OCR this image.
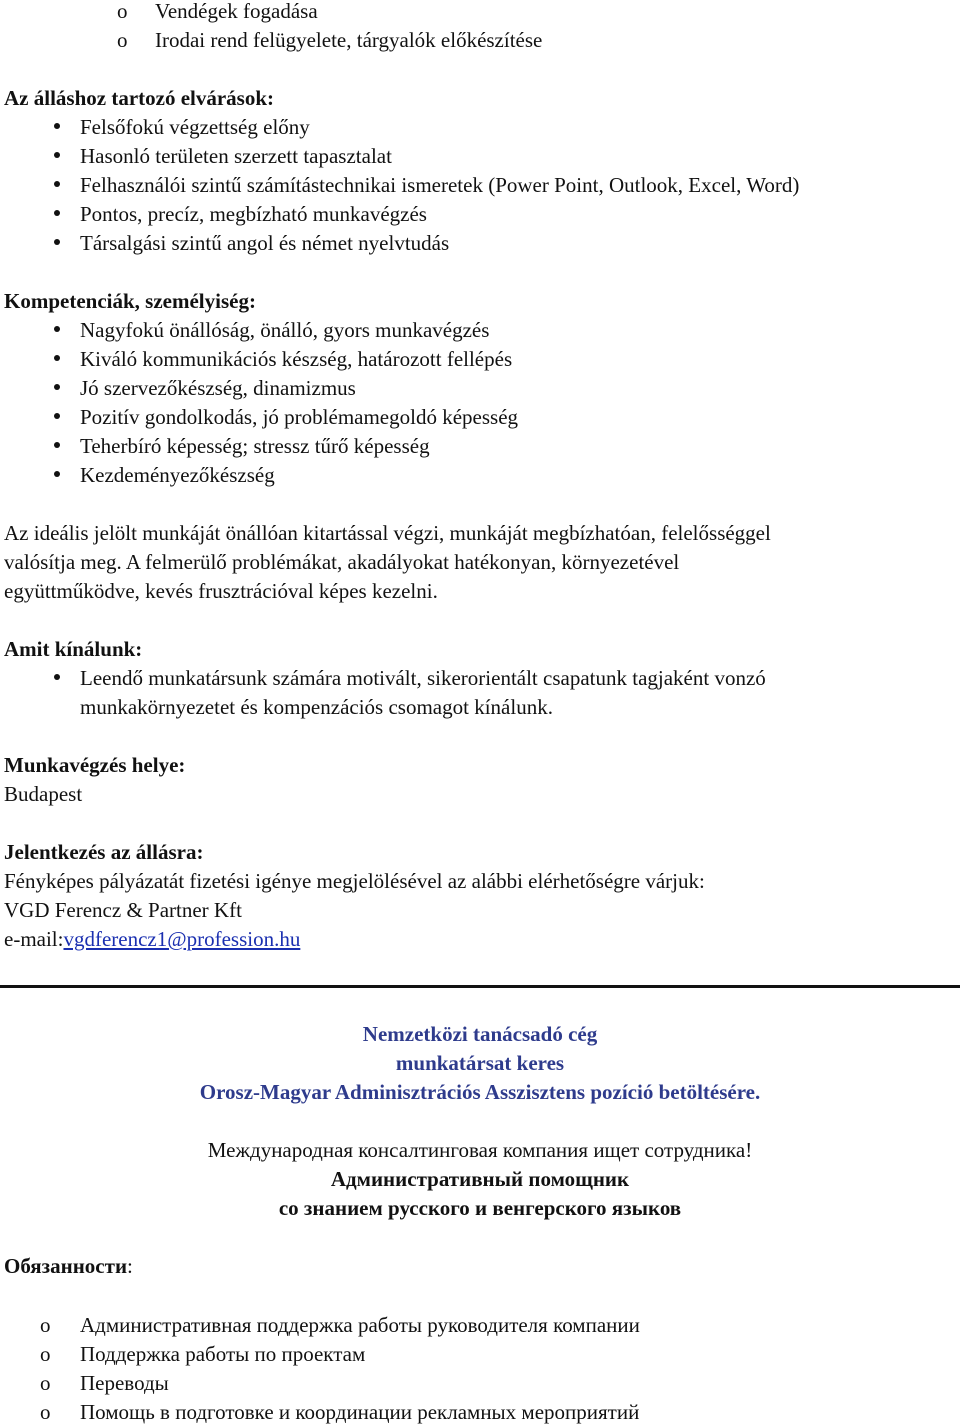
o Vendégek fogadása
o Irodai rend felügyelete, tárgyalók előkészítése
Az álláshoz tartozó elvárások:
Felsőfokú végzettség előny
Hasonló területen szerzett tapasztalat
Felhasználói szintű számítástechnikai ismeretek (Power Point, Outlook, Excel, Word)
Pontos, precíz, megbízható munkavégzés
Társalgási szintű angol és német nyelvtudás
Kompetenciák, személyiség:
Nagyfokú önállóság, önálló, gyors munkavégzés
Kiváló kommunikációs készség, határozott fellépés
Jó szervezőkészség, dinamizmus
Pozitív gondolkodás, jó problémamegoldó képesség
Teherbíró képesség; stressz tűrő képesség
Kezdeményezőkészség
Az ideális jelölt munkáját önállóan kitartással végzi, munkáját megbízhatóan, felelősséggel
valósítja meg. A felmerülő problémákat, akadályokat hatékonyan, környezetével
együttműködve, kevés frusztrációval képes kezelni.
Amit kínálunk:
Leendő munkatársunk számára motivált, sikerorientált csapatunk tagjaként vonzó
munkakörnyezetet és kompenzációs csomagot kínálunk.
Munkavégzés helye:
Budapest
Jelentkezés az állásra:
Fényképes pályázatát fizetési igénye megjelölésével az alábbi elérhetőségre várjuk:
VGD Ferencz & Partner Kft
e-mail:vgdferencz1@profession.hu
Nemzetközi tanácsadó cég
munkatársat keres
Orosz-Magyar Adminisztrációs Asszisztens pozíció betöltésére.
Международная консалтинговая компания ищет сотрудника!
Административный помощник
со знанием русского и венгерского языков
Обязанности:
o Административная поддержка работы руководителя компании
o Поддержка работы по проектам
o Переводы
o Помощь в подготовке и координации рекламных мероприятий
